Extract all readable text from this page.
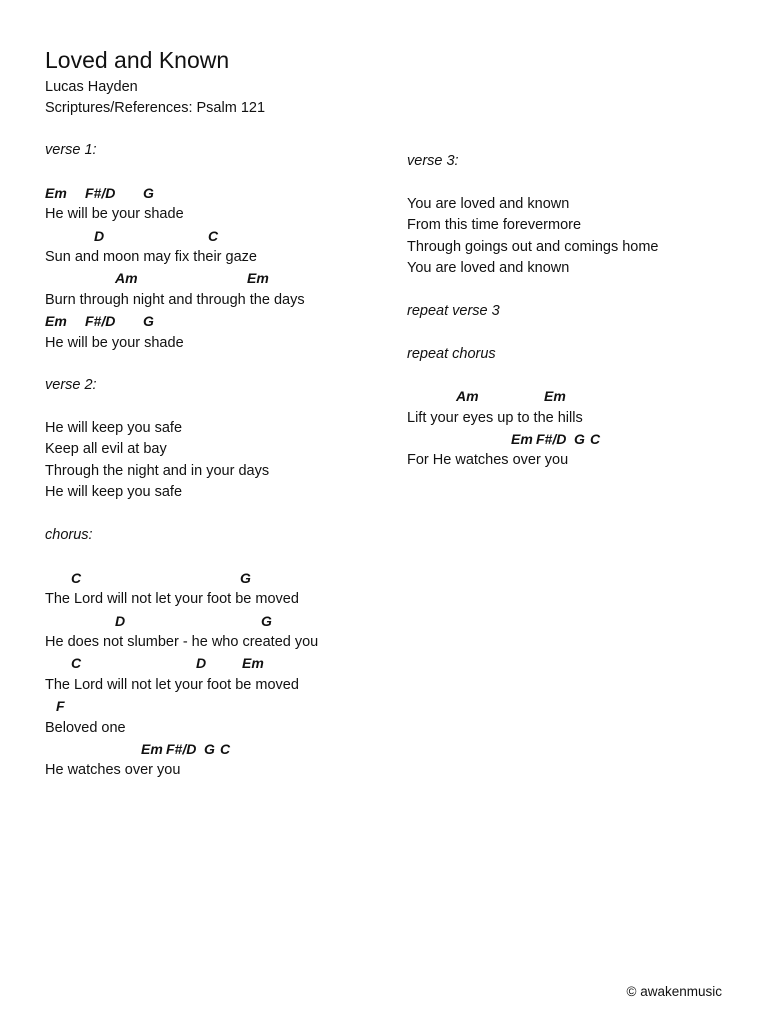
Loved and Known
Lucas Hayden
Scriptures/References: Psalm 121
verse 1:
Em F#/D G
He will be your shade
D	C
Sun and moon may fix their gaze
Am	Em
Burn through night and through the days
Em F#/D G
He will be your shade
verse 2:
He will keep you safe
Keep all evil at bay
Through the night and in your days
He will keep you safe
chorus:
C	G
The Lord will not let your foot be moved
D	G
He does not slumber - he who created you
C	D	Em
The Lord will not let your foot be moved
F
Beloved one
Em F#/D G C
He watches over you
verse 3:
You are loved and known
From this time forevermore
Through goings out and comings home
You are loved and known
repeat verse 3
repeat chorus
Am	Em
Lift your eyes up to the hills
Em F#/D G C
For He watches over you
© awakenmusic
